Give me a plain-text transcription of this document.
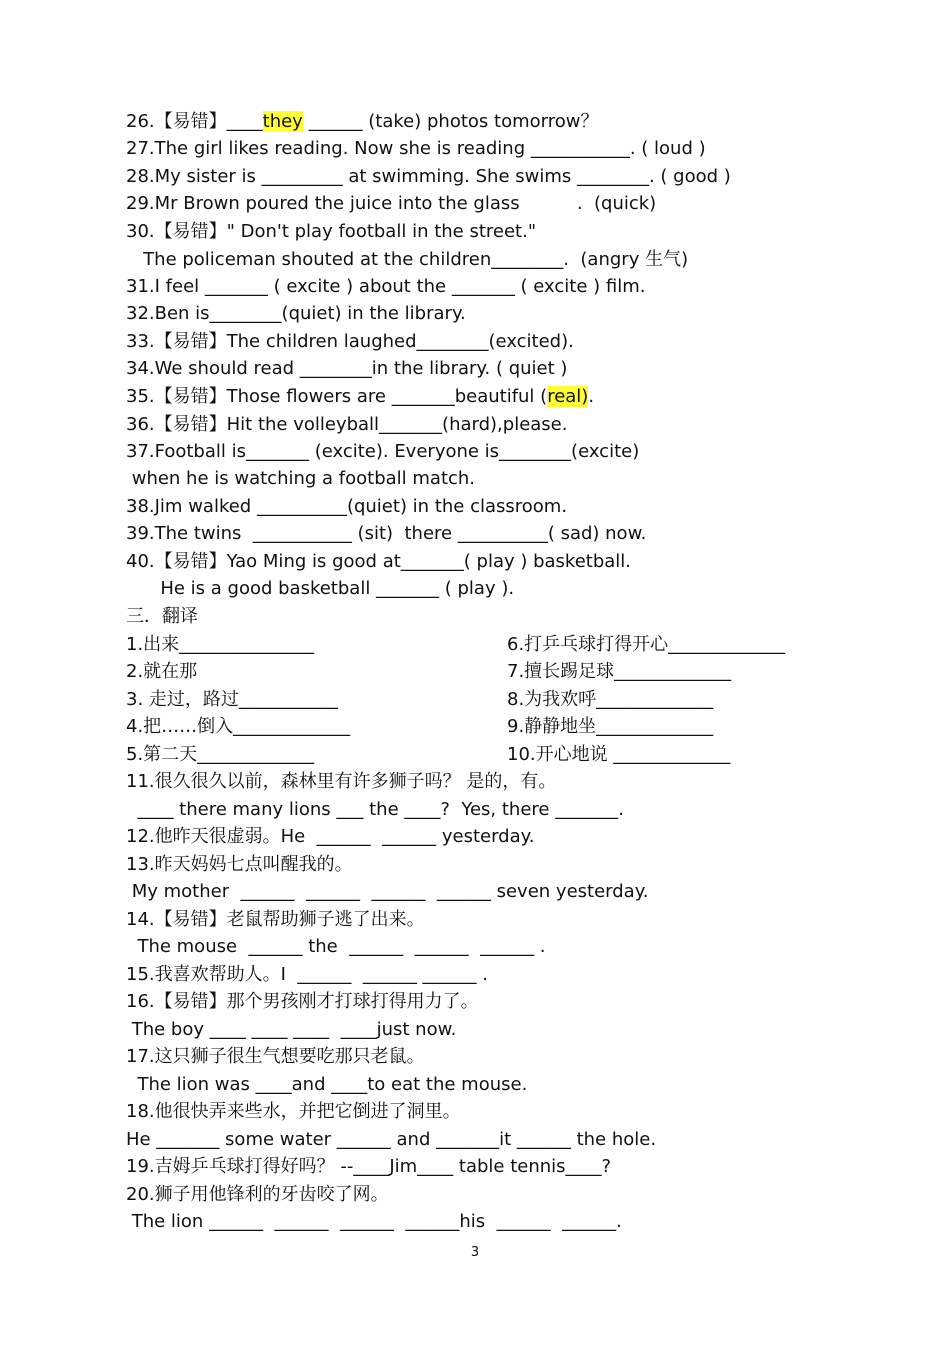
26.【易错】____they ______ (take) photos tomorrow？
27.The girl likes reading. Now she is reading ___________. ( loud )
28.My sister is _________ at swimming. She swims ________. ( good )
29.Mr Brown poured the juice into the glass          .  (quick)
30.【易错】" Don't play football in the street."
The policeman shouted at the children________.  (angry 生气)
31.I feel _______ ( excite ) about the _______ ( excite ) film.
32.Ben is________(quiet) in the library.
33.【易错】The children laughed________(excited).
34.We should read ________in the library. ( quiet )
35.【易错】Those flowers are _______beautiful (real).
36.【易错】Hit the volleyball_______(hard),please.
37.Football is_______ (excite). Everyone is________(excite)
when he is watching a football match.
38.Jim walked __________(quiet) in the classroom.
39.The twins  ___________ (sit)  there __________( sad) now.
40.【易错】Yao Ming is good at_______( play ) basketball.
He is a good basketball _______ ( play ).
三．翻译
1.出来_______________	6.打乒乓球打得开心_____________
2.就在那	7.擅长踢足球_____________
3. 走过，路过___________	8.为我欢呼_____________
4.把……倒入_____________	9.静静地坐_____________
5.第二天_____________	10.开心地说 _____________
11.很久很久以前，森林里有许多狮子吗？ 是的，有。
____ there many lions ___ the ____?  Yes, there _______.
12.他昨天很虚弱。He  ______  ______ yesterday.
13.昨天妈妈七点叫醒我的。
My mother  ______  ______  ______  ______ seven yesterday.
14.【易错】老鼠帮助狮子逃了出来。
The mouse  ______ the  ______  ______  ______ .
15.我喜欢帮助人。I  ______  ______ ______ .
16.【易错】那个男孩刚才打球打得用力了。
The boy ____ ____ ____  ____just now.
17.这只狮子很生气想要吃那只老鼠。
The lion was ____and ____to eat the mouse.
18.他很快弄来些水，并把它倒进了洞里。
He _______ some water ______ and _______it ______ the hole.
19.吉姆乒乓球打得好吗？ --____Jim____ table tennis____?
20.狮子用他锋利的牙齿咬了网。
The lion ______  ______  ______  ______his  ______  ______.
3
